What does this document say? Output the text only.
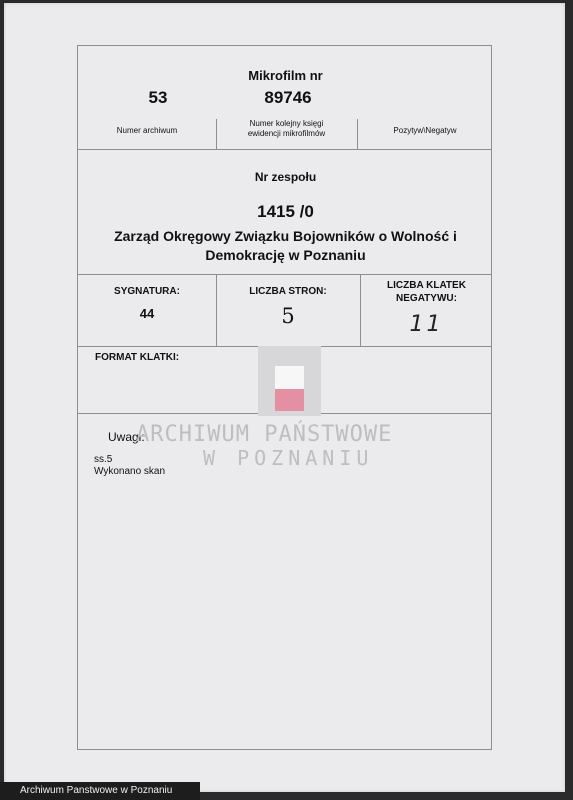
Mikrofilm nr
53	89746
Numer archiwum
Numer kolejny księgi
ewidencji mikrofilmów	Pozytyw\Negatyw
Nr zespołu
1415 /0
Zarząd Okręgowy Związku Bojowników o Wolność i
Demokrację w Poznaniu
SYGNATURA:
44
LICZBA STRON:
5
LICZBA KLATEK
NEGATYWU:
11
FORMAT KLATKI:
Uwagi:
ss.5
Wykonano skan
ARCHIWUM PAŃSTWOWE
W POZNANIU
Archiwum Panstwowe w Poznaniu
